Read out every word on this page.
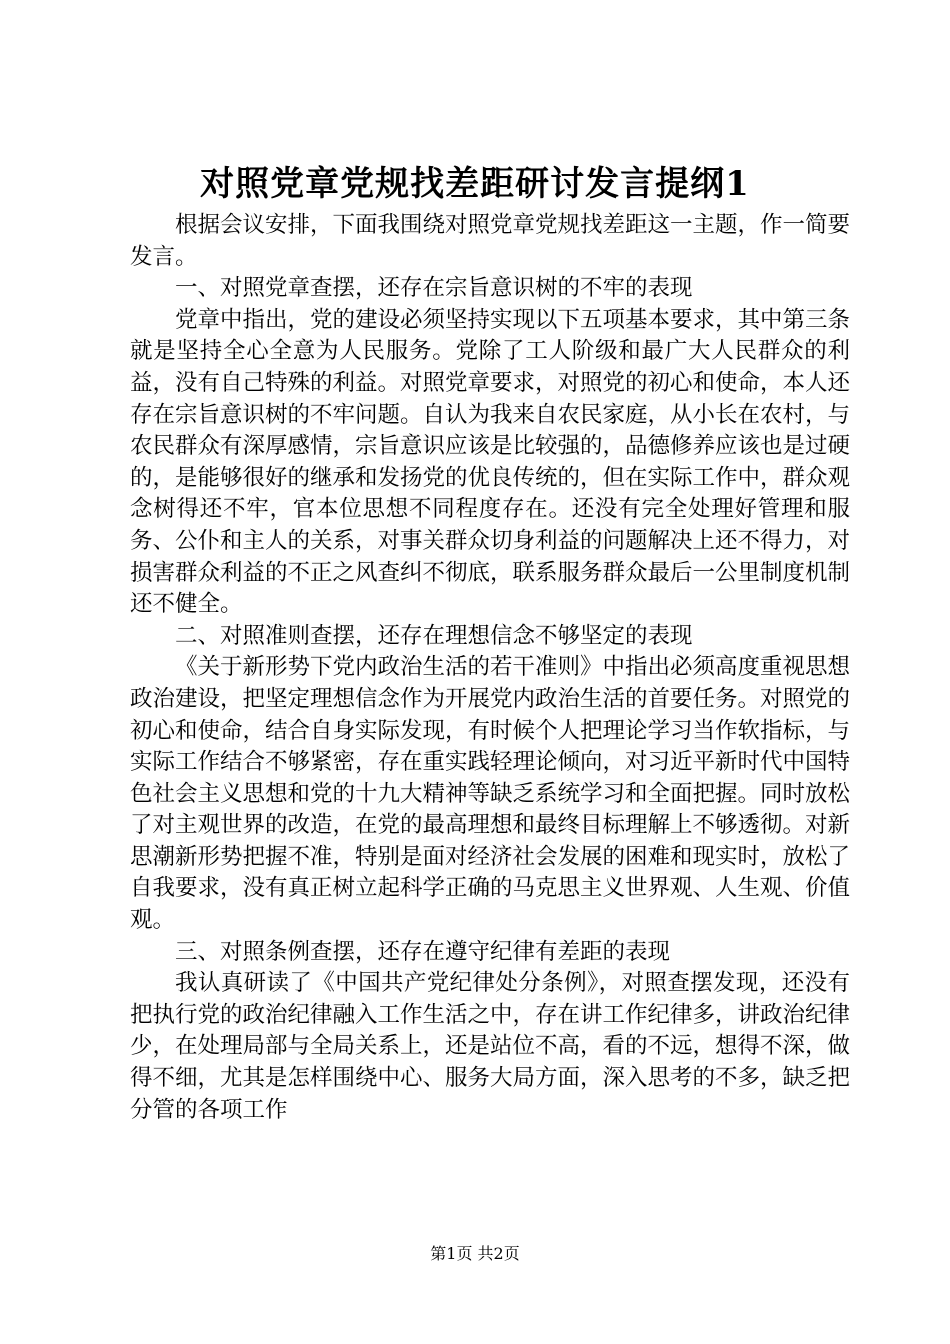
对照党章党规找差距研讨发言提纲1

根据会议安排，下面我围绕对照党章党规找差距这一主题，作一简要发言。

一、对照党章查摆，还存在宗旨意识树的不牢的表现

党章中指出，党的建设必须坚持实现以下五项基本要求，其中第三条就是坚持全心全意为人民服务。党除了工人阶级和最广大人民群众的利益，没有自己特殊的利益。对照党章要求，对照党的初心和使命，本人还存在宗旨意识树的不牢问题。自认为我来自农民家庭，从小长在农村，与农民群众有深厚感情，宗旨意识应该是比较强的，品德修养应该也是过硬的，是能够很好的继承和发扬党的优良传统的，但在实际工作中，群众观念树得还不牢，官本位思想不同程度存在。还没有完全处理好管理和服务、公仆和主人的关系，对事关群众切身利益的问题解决上还不得力，对损害群众利益的不正之风查纠不彻底，联系服务群众最后一公里制度机制还不健全。

二、对照准则查摆，还存在理想信念不够坚定的表现

《关于新形势下党内政治生活的若干准则》中指出必须高度重视思想政治建设，把坚定理想信念作为开展党内政治生活的首要任务。对照党的初心和使命，结合自身实际发现，有时候个人把理论学习当作软指标，与实际工作结合不够紧密，存在重实践轻理论倾向，对习近平新时代中国特色社会主义思想和党的十九大精神等缺乏系统学习和全面把握。同时放松了对主观世界的改造，在党的最高理想和最终目标理解上不够透彻。对新思潮新形势把握不准，特别是面对经济社会发展的困难和现实时，放松了自我要求，没有真正树立起科学正确的马克思主义世界观、人生观、价值观。

三、对照条例查摆，还存在遵守纪律有差距的表现

我认真研读了《中国共产党纪律处分条例》，对照查摆发现，还没有把执行党的政治纪律融入工作生活之中，存在讲工作纪律多，讲政治纪律少，在处理局部与全局关系上，还是站位不高，看的不远，想得不深，做得不细，尤其是怎样围绕中心、服务大局方面，深入思考的不多，缺乏把分管的各项工作

第1页 共2页
